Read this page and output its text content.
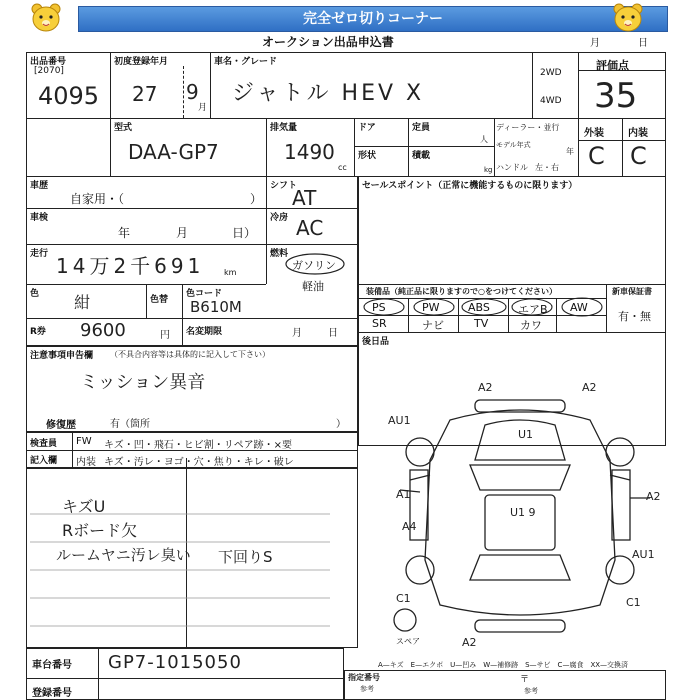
完全ゼロ切りコーナー
オークション出品申込書	月	日
出品番号
[2070]
4095
初度登録年月
27 9
月
車名・グレード
ジャトル HEV X
2WD
4WD
評価点
35
型式
DAA-GP7
排気量
1490
cc
ドア	定員
人
形状	積載
kg
ディーラー・並行
モデル年式
年
ハンドル 左・右
外装 内装
C C
車歴
自家用・（	）
シフト
AT
車検
年	月	日）
冷房 AC
走行 14万2千691 km
燃料
ガソリン
軽油
色 紺	色替
色コード
B610M
R券 9600	円 名変期限	月	日
セールスポイント（正常に機能するものに限ります）
装備品（純正品に限りますので○をつけてください）	新車保証書
有・無
PS	PW	ABS	エアB AW
SR	ナビ	TV	カワ
後日品
注意事項申告欄 （不具合内容等は具体的に記入して下さい）
ミッション異音
修復歴	有（箇所	）
検査員
記入欄
FW キズ・凹・飛石・ヒビ割・リペア跡・×要
内装 キズ・汚レ・ヨゴ・穴・焦り・キレ・破レ
キズU
Rボード欠
ルームヤニ汚レ臭い 下回りS
A2	A2
AU1
U1
A1
A4
U1 9
A2
AU1
C1	C1
A2
スペア
A—キズ　E—エクボ　U—凹み　W—補修跡　S—サビ　C—腐食　XX—交換済
車台番号 GP7-1015050
登録番号
指定番号
参考
〒
参考
